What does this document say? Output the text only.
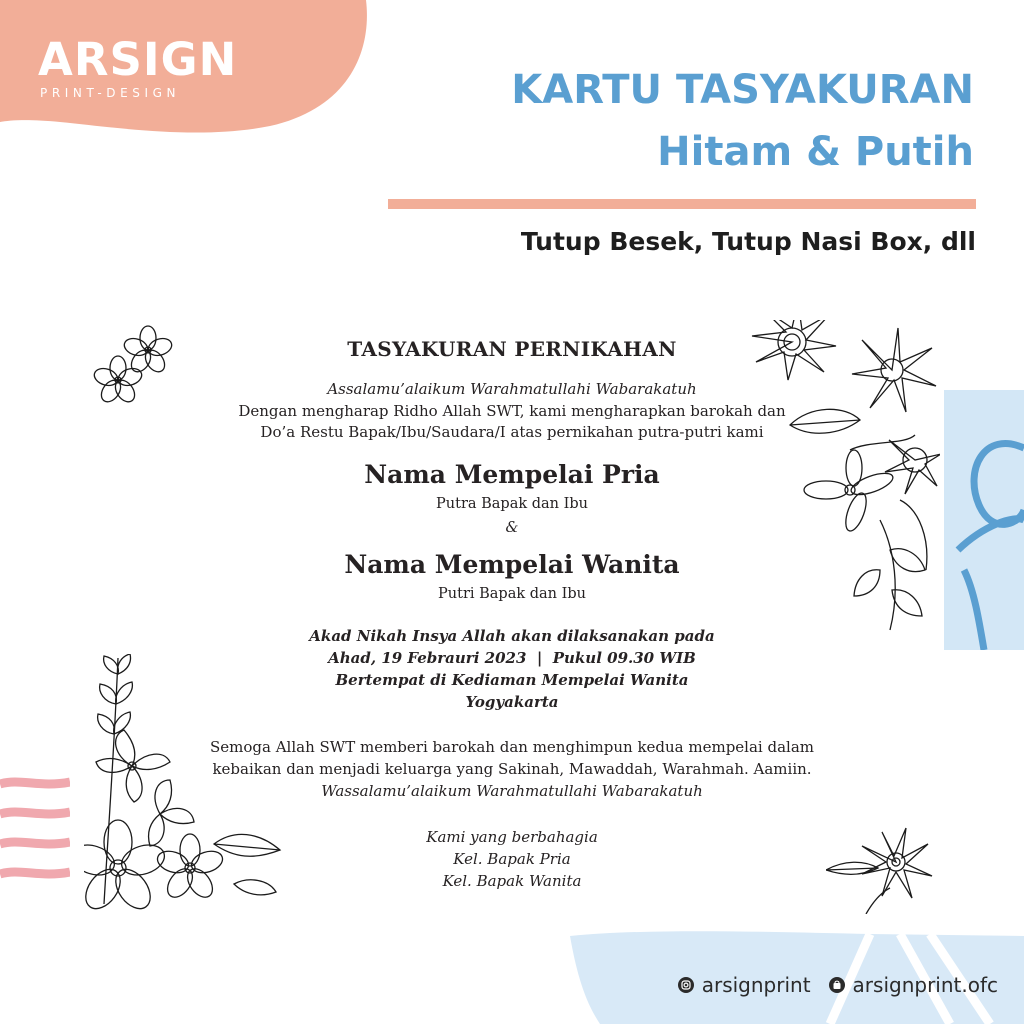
ARSIGN
PRINT-DESIGN	KARTU TASYAKURAN
Hitam & Putih
Tutup Besek, Tutup Nasi Box, dll
TASYAKURAN PERNIKAHAN
Assalamu’alaikum Warahmatullahi Wabarakatuh
Dengan mengharap Ridho Allah SWT, kami mengharapkan barokah dan
Do’a Restu Bapak/Ibu/Saudara/I atas pernikahan putra-putri kami
Nama Mempelai Pria
Putra Bapak dan Ibu
&
Nama Mempelai Wanita
Putri Bapak dan Ibu
Akad Nikah Insya Allah akan dilaksanakan pada
Ahad, 19 Febrauri 2023  |  Pukul 09.30 WIB
Bertempat di Kediaman Mempelai Wanita
Yogyakarta
Semoga Allah SWT memberi barokah dan menghimpun kedua mempelai dalam
kebaikan dan menjadi keluarga yang Sakinah, Mawaddah, Warahmah. Aamiin.
Wassalamu’alaikum Warahmatullahi Wabarakatuh
Kami yang berbahagia
Kel. Bapak Pria
Kel. Bapak Wanita
arsignprint arsignprint.ofc
